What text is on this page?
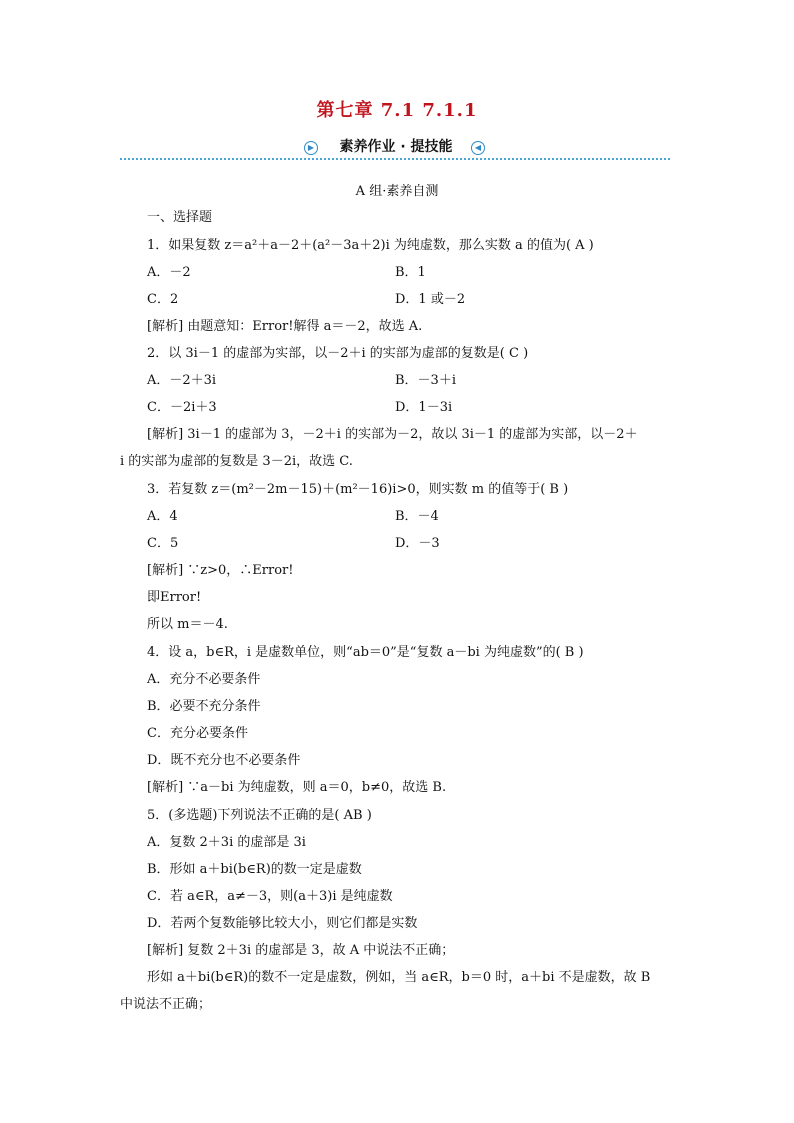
第七章 7.1 7.1.1
素养作业 · 提技能
▶	◀
A 组·素养自测
一、选择题
1．如果复数 z＝a²＋a－2＋(a²－3a＋2)i 为纯虚数，那么实数 a 的值为( A )
A．－2	B．1
C．2	D．1 或－2
[解析] 由题意知：Error!解得 a＝－2，故选 A.
2．以 3i－1 的虚部为实部，以－2＋i 的实部为虚部的复数是( C )
A．－2＋3i	B．－3＋i
C．－2i＋3	D．1－3i
[解析] 3i－1 的虚部为 3，－2＋i 的实部为－2，故以 3i－1 的虚部为实部，以－2＋
i 的实部为虚部的复数是 3－2i，故选 C.
3．若复数 z＝(m²－2m－15)＋(m²－16)i>0，则实数 m 的值等于( B )
A．4	B．－4
C．5	D．－3
[解析] ∵z>0，∴Error!
即Error!
所以 m＝－4.
4．设 a，b∈R，i 是虚数单位，则“ab＝0”是“复数 a－bi 为纯虚数”的( B )
A．充分不必要条件
B．必要不充分条件
C．充分必要条件
D．既不充分也不必要条件
[解析] ∵a－bi 为纯虚数，则 a＝0，b≠0，故选 B.
5．(多选题)下列说法不正确的是( AB )
A．复数 2＋3i 的虚部是 3i
B．形如 a＋bi(b∈R)的数一定是虚数
C．若 a∈R，a≠－3，则(a＋3)i 是纯虚数
D．若两个复数能够比较大小，则它们都是实数
[解析] 复数 2＋3i 的虚部是 3，故 A 中说法不正确；
形如 a＋bi(b∈R)的数不一定是虚数，例如，当 a∈R，b＝0 时，a＋bi 不是虚数，故 B
中说法不正确；
